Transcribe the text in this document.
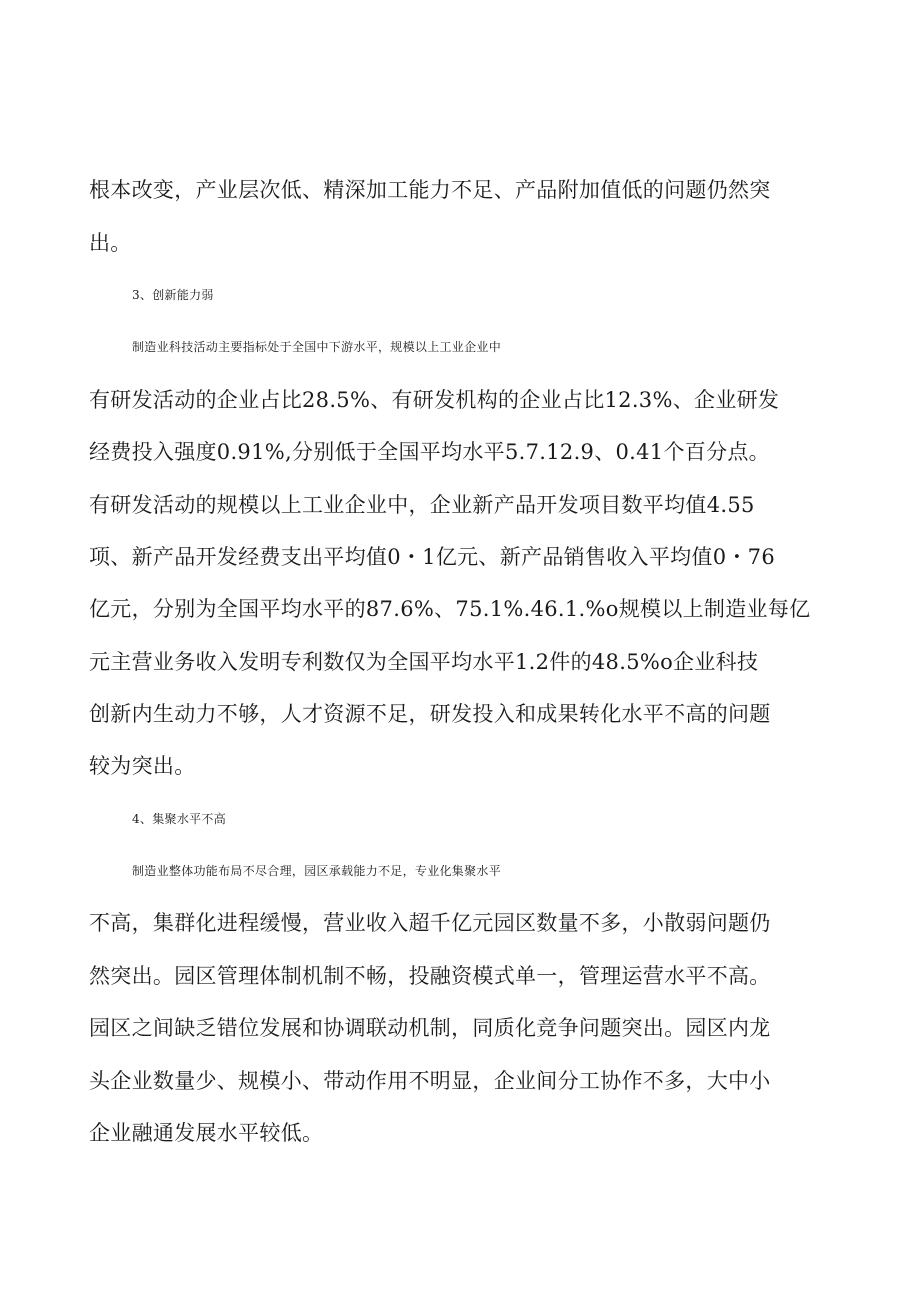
根本改变，产业层次低、精深加工能力不足、产品附加值低的问题仍然突
出。
3、创新能力弱
制造业科技活动主要指标处于全国中下游水平，规模以上工业企业中
有研发活动的企业占比28.5%、有研发机构的企业占比12.3%、企业研发
经费投入强度0.91%,分别低于全国平均水平5.7.12.9、0.41个百分点。
有研发活动的规模以上工业企业中，企业新产品开发项目数平均值4.55
项、新产品开发经费支出平均值0・1亿元、新产品销售收入平均值0・76
亿元，分别为全国平均水平的87.6%、75.1%.46.1.%o规模以上制造业每亿
元主营业务收入发明专利数仅为全国平均水平1.2件的48.5%o企业科技
创新内生动力不够，人才资源不足，研发投入和成果转化水平不高的问题
较为突出。
4、集聚水平不高
制造业整体功能布局不尽合理，园区承载能力不足，专业化集聚水平
不高，集群化进程缓慢，营业收入超千亿元园区数量不多，小散弱问题仍
然突出。园区管理体制机制不畅，投融资模式单一，管理运营水平不高。
园区之间缺乏错位发展和协调联动机制，同质化竞争问题突出。园区内龙
头企业数量少、规模小、带动作用不明显，企业间分工协作不多，大中小
企业融通发展水平较低。
